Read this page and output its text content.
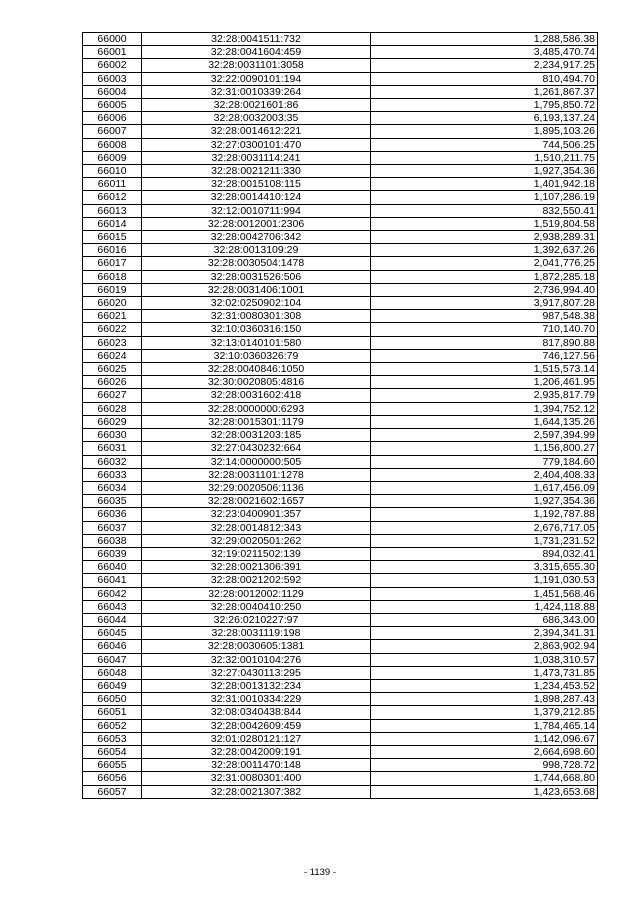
66000	32:28:0041511:732	1,288,586.38
66001	32:28:0041604:459	3,485,470.74
66002	32:28:0031101:3058	2,234,917.25
66003	32:22:0090101:194	810,494.70
66004	32:31:0010339:264	1,261,867.37
66005	32:28:0021601:86	1,795,850.72
66006	32:28:0032003:35	6,193,137.24
66007	32:28:0014612:221	1,895,103.26
66008	32:27:0300101:470	744,506.25
66009	32:28:0031114:241	1,510,211.75
66010	32:28:0021211:330	1,927,354.36
66011	32:28:0015108:115	1,401,942.18
66012	32:28:0014410:124	1,107,286.19
66013	32:12:0010711:994	832,550.41
66014	32:28:0012001:2306	1,519,804.58
66015	32:28:0042706:342	2,938,289.31
66016	32:28:0013109:29	1,392,637.26
66017	32:28:0030504:1478	2,041,776.25
66018	32:28:0031526:506	1,872,285.18
66019	32:28:0031406:1001	2,736,994.40
66020	32:02:0250902:104	3,917,807.28
66021	32:31:0080301:308	987,548.38
66022	32:10:0360316:150	710,140.70
66023	32:13:0140101:580	817,890.88
66024	32:10:0360326:79	746,127.56
66025	32:28:0040846:1050	1,515,573.14
66026	32:30:0020805:4816	1,206,461.95
66027	32:28:0031602:418	2,935,817.79
66028	32:28:0000000:6293	1,394,752.12
66029	32:28:0015301:1179	1,644,135.26
66030	32:28:0031203:185	2,597,394.99
66031	32:27:0430232:664	1,156,800.27
66032	32:14:0000000:505	779,184.60
66033	32:28:0031101:1278	2,404,408.33
66034	32:29:0020506:1136	1,617,456.09
66035	32:28:0021602:1657	1,927,354.36
66036	32:23:0400901:357	1,192,787.88
66037	32:28:0014812:343	2,676,717.05
66038	32:29:0020501:262	1,731,231.52
66039	32:19:0211502:139	894,032.41
66040	32:28:0021306:391	3,315,655.30
66041	32:28:0021202:592	1,191,030.53
66042	32:28:0012002:1129	1,451,568.46
66043	32:28:0040410:250	1,424,118.88
66044	32:26:0210227:97	686,343.00
66045	32:28:0031119:198	2,394,341.31
66046	32:28:0030605:1381	2,863,902.94
66047	32:32:0010104:276	1,038,310.57
66048	32:27:0430113:295	1,473,731.85
66049	32:28:0013132:234	1,234,453.52
66050	32:31:0010334:229	1,898,287.43
66051	32:08:0340438:844	1,379,212.85
66052	32:28:0042609:459	1,784,465.14
66053	32:01:0280121:127	1,142,096.67
66054	32:28:0042009:191	2,664,698.60
66055	32:28:0011470:148	998,728.72
66056	32:31:0080301:400	1,744,668.80
66057	32:28:0021307:382	1,423,653.68
- 1139 -
